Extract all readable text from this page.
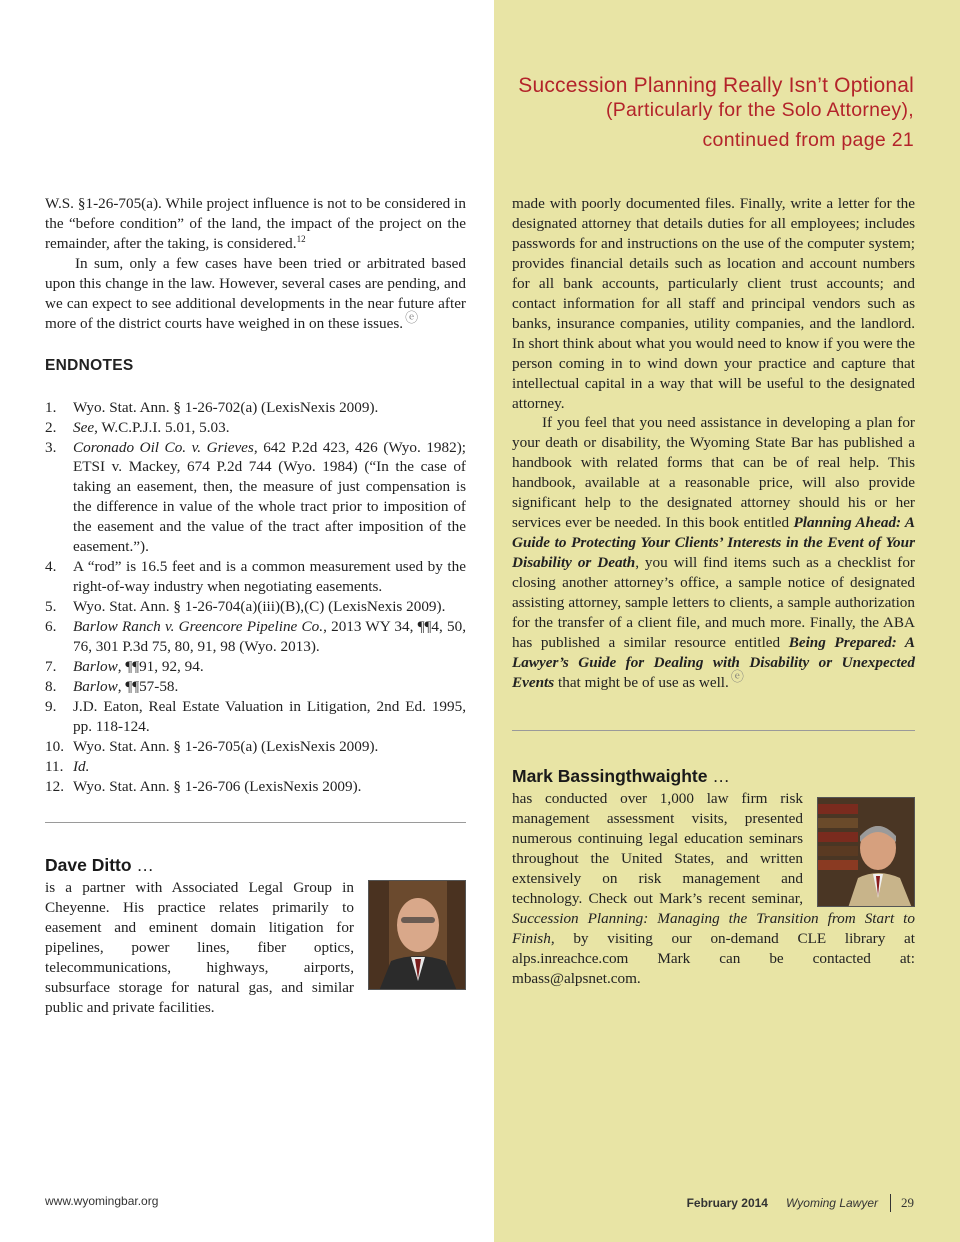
Succession Planning Really Isn’t Optional
(Particularly for the Solo Attorney),
continued from page 21

W.S. §1-26-705(a). While project influence is not to be considered in the “before condition” of the land, the impact of the project on the remainder, after the taking, is considered.$^{12}$

In sum, only a few cases have been tried or arbitrated based upon this change in the law. However, several cases are pending, and we can expect to see additional developments in the near future after more of the district courts have weighed in on these issues. ⓔ

ENDNOTES
1. Wyo. Stat. Ann. § 1-26-702(a) (LexisNexis 2009).
2. See, W.C.P.J.I. 5.01, 5.03.
3. Coronado Oil Co. v. Grieves, 642 P.2d 423, 426 (Wyo. 1982); ETSI v. Mackey, 674 P.2d 744 (Wyo. 1984) (“In the case of taking an easement, then, the measure of just compensation is the difference in value of the whole tract prior to imposition of the easement and the value of the tract after imposition of the easement.”).
4. A “rod” is 16.5 feet and is a common measurement used by the right-of-way industry when negotiating easements.
5. Wyo. Stat. Ann. § 1-26-704(a)(iii)(B),(C) (LexisNexis 2009).
6. Barlow Ranch v. Greencore Pipeline Co., 2013 WY 34, ¶¶4, 50, 76, 301 P.3d 75, 80, 91, 98 (Wyo. 2013).
7. Barlow, ¶¶91, 92, 94.
8. Barlow, ¶¶57-58.
9. J.D. Eaton, Real Estate Valuation in Litigation, 2nd Ed. 1995, pp. 118-124.
10. Wyo. Stat. Ann. § 1-26-705(a) (LexisNexis 2009).
11. Id.
12. Wyo. Stat. Ann. § 1-26-706 (LexisNexis 2009).
Dave Ditto …
is a partner with Associated Legal Group in Cheyenne. His practice relates primarily to easement and eminent domain litigation for pipelines, power lines, fiber optics, telecommunications, highways, airports, subsurface storage for natural gas, and similar public and private facilities.

made with poorly documented files. Finally, write a letter for the designated attorney that details duties for all employees; includes passwords for and instructions on the use of the computer system; provides financial details such as location and account numbers for all bank accounts, particularly client trust accounts; and contact information for all staff and principal vendors such as banks, insurance companies, utility companies, and the landlord. In short think about what you would need to know if you were the person coming in to wind down your practice and capture that intellectual capital in a way that will be useful to the designated attorney.

If you feel that you need assistance in developing a plan for your death or disability, the Wyoming State Bar has published a handbook with related forms that can be of real help. This handbook, available at a reasonable price, will also provide significant help to the designated attorney should his or her services ever be needed. In this book entitled Planning Ahead: A Guide to Protecting Your Clients’ Interests in the Event of Your Disability or Death, you will find items such as a checklist for closing another attorney’s office, a sample notice of designated assisting attorney, sample letters to clients, a sample authorization for the transfer of a client file, and much more. Finally, the ABA has published a similar resource entitled Being Prepared: A Lawyer’s Guide for Dealing with Disability or Unexpected Events that might be of use as well. ⓔ

Mark Bassingthwaighte …
has conducted over 1,000 law firm risk management assessment visits, presented numerous continuing legal education seminars throughout the United States, and written extensively on risk management and technology. Check out Mark’s recent seminar, Succession Planning: Managing the Transition from Start to Finish, by visiting our on-demand CLE library at alps.inreachce.com Mark can be contacted at: mbass@alpsnet.com.
www.wyomingbar.org	February 2014 Wyoming Lawyer 29
